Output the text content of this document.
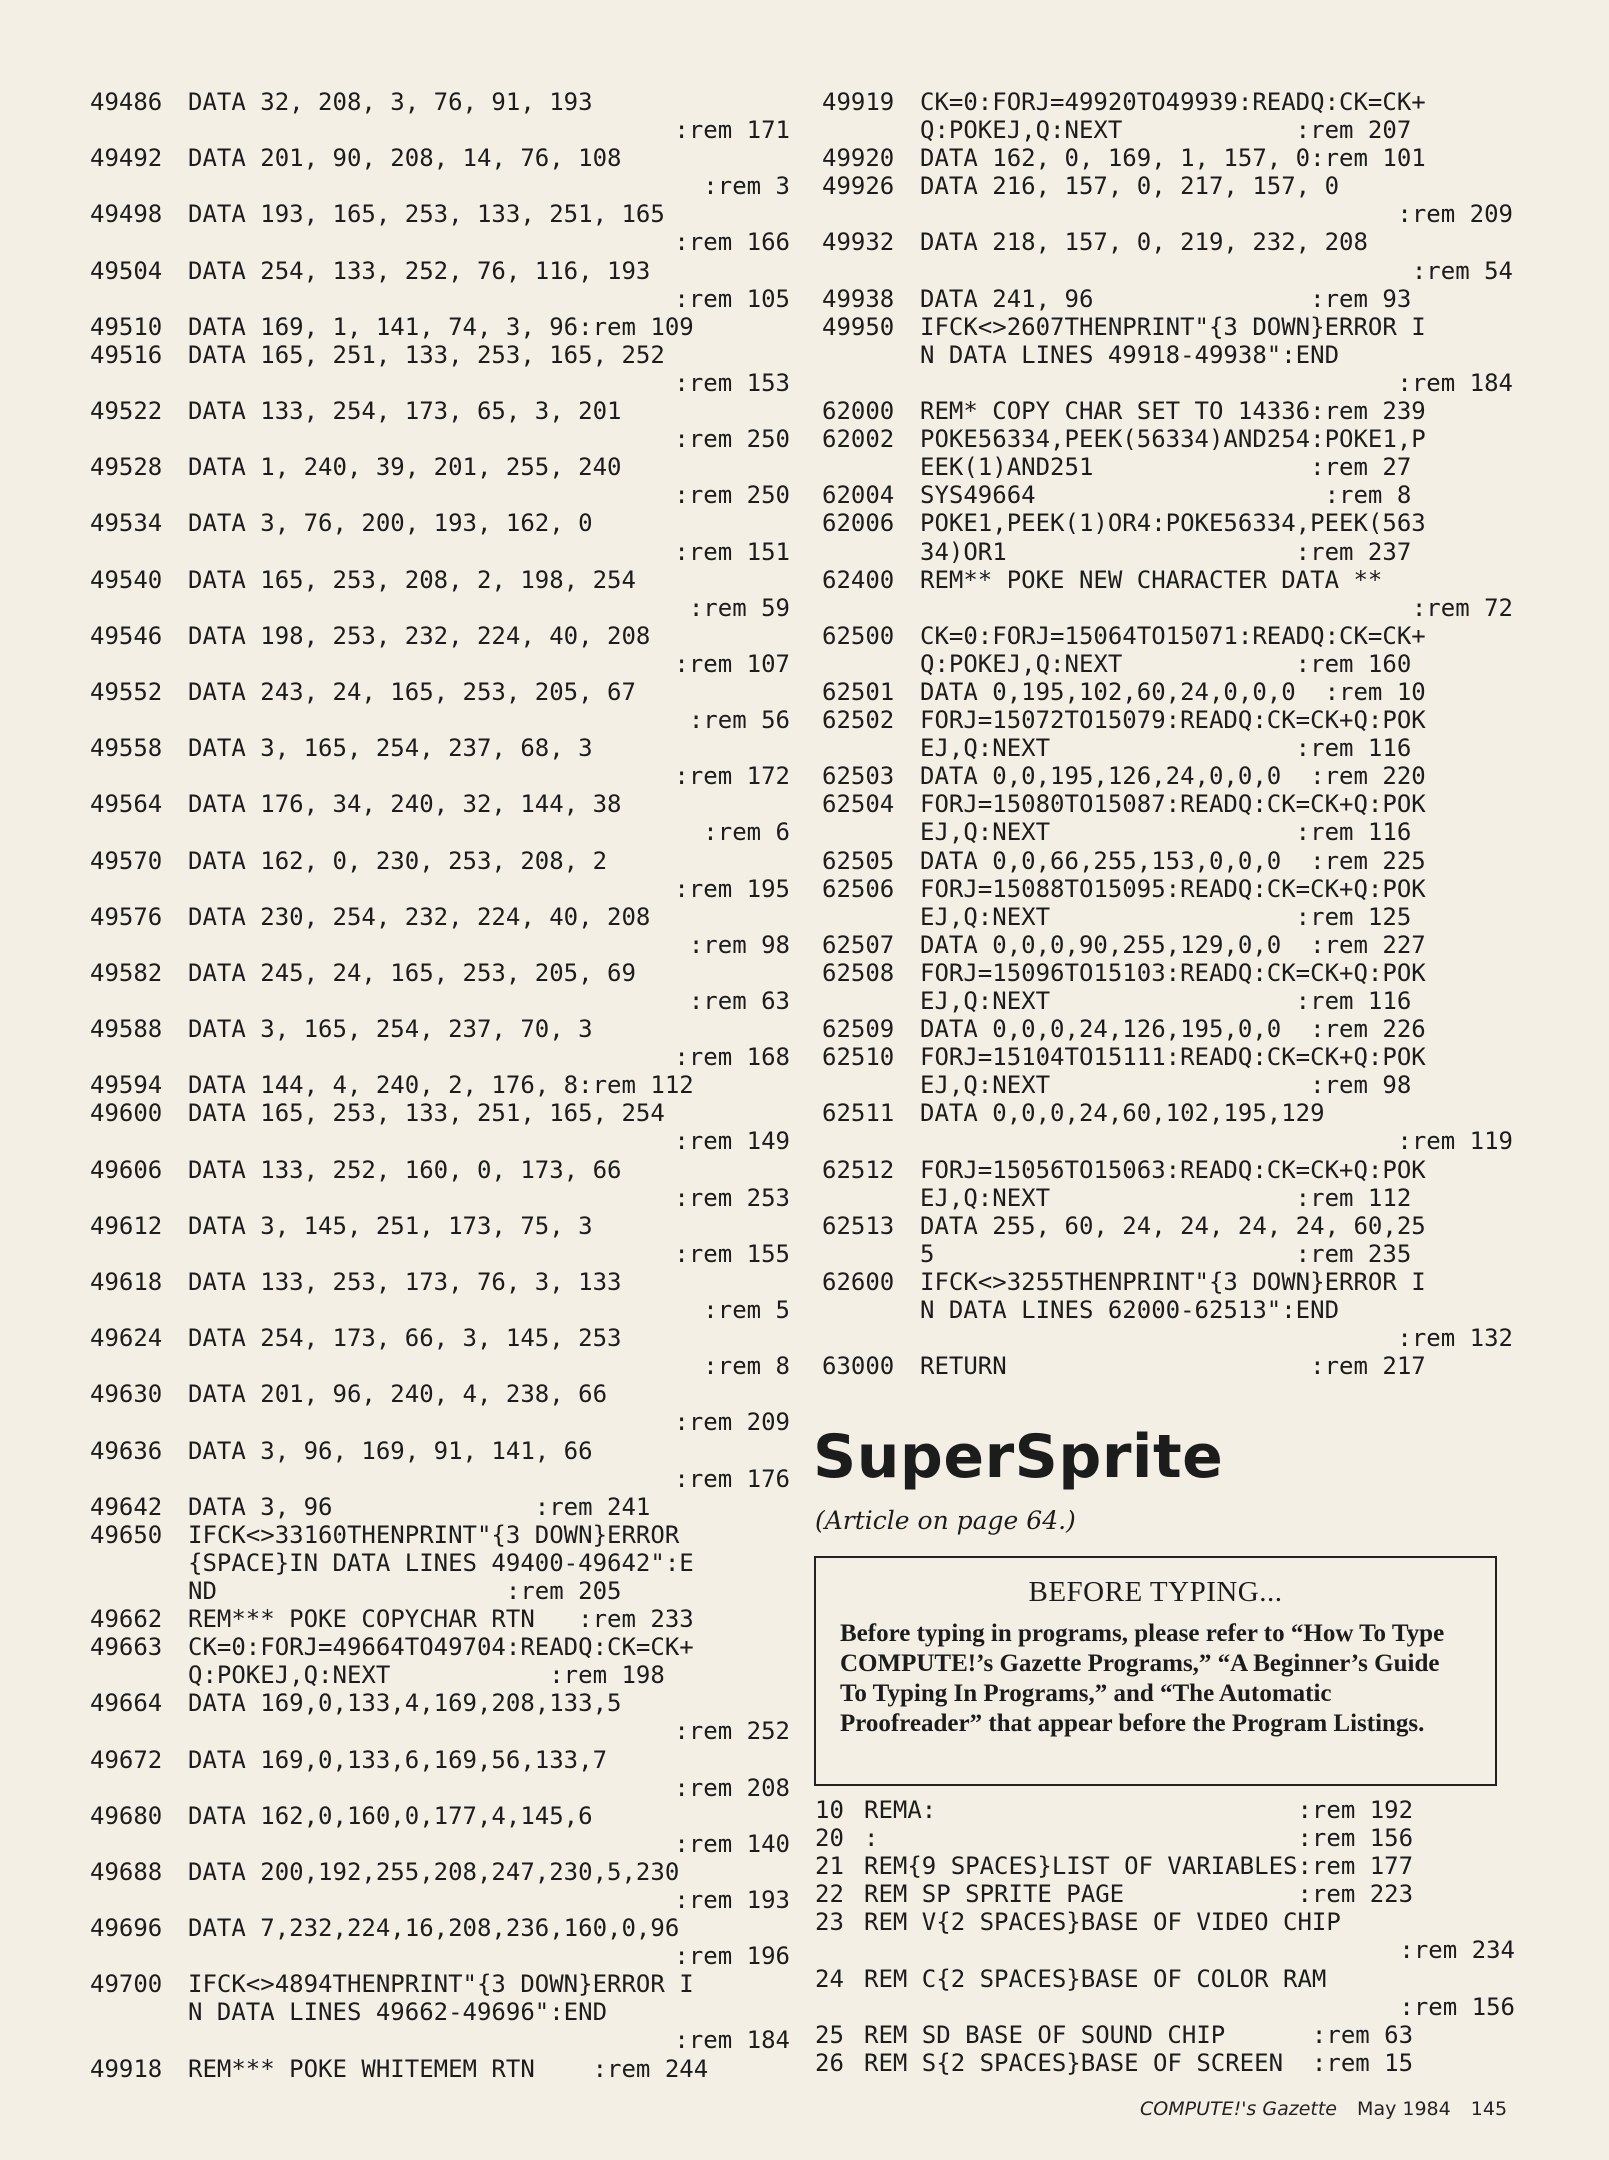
49486	DATA 32, 208, 3, 76, 91, 193
:rem 171
49492	DATA 201, 90, 208, 14, 76, 108
:rem 3
49498	DATA 193, 165, 253, 133, 251, 165
:rem 166
49504	DATA 254, 133, 252, 76, 116, 193
:rem 105
49510	DATA 169, 1, 141, 74, 3, 96:rem 109
49516	DATA 165, 251, 133, 253, 165, 252
:rem 153
49522	DATA 133, 254, 173, 65, 3, 201
:rem 250
49528	DATA 1, 240, 39, 201, 255, 240
:rem 250
49534	DATA 3, 76, 200, 193, 162, 0
:rem 151
49540	DATA 165, 253, 208, 2, 198, 254
:rem 59
49546	DATA 198, 253, 232, 224, 40, 208
:rem 107
49552	DATA 243, 24, 165, 253, 205, 67
:rem 56
49558	DATA 3, 165, 254, 237, 68, 3
:rem 172
49564	DATA 176, 34, 240, 32, 144, 38
:rem 6
49570	DATA 162, 0, 230, 253, 208, 2
:rem 195
49576	DATA 230, 254, 232, 224, 40, 208
:rem 98
49582	DATA 245, 24, 165, 253, 205, 69
:rem 63
49588	DATA 3, 165, 254, 237, 70, 3
:rem 168
49594	DATA 144, 4, 240, 2, 176, 8:rem 112
49600	DATA 165, 253, 133, 251, 165, 254
:rem 149
49606	DATA 133, 252, 160, 0, 173, 66
:rem 253
49612	DATA 3, 145, 251, 173, 75, 3
:rem 155
49618	DATA 133, 253, 173, 76, 3, 133
:rem 5
49624	DATA 254, 173, 66, 3, 145, 253
:rem 8
49630	DATA 201, 96, 240, 4, 238, 66
:rem 209
49636	DATA 3, 96, 169, 91, 141, 66
:rem 176
49642	DATA 3, 96              :rem 241
49650	IFCK<>33160THENPRINT"{3 DOWN}ERROR
{SPACE}IN DATA LINES 49400-49642":E
ND                    :rem 205
49662	REM*** POKE COPYCHAR RTN   :rem 233
49663	CK=0:FORJ=49664TO49704:READQ:CK=CK+
Q:POKEJ,Q:NEXT           :rem 198
49664	DATA 169,0,133,4,169,208,133,5
:rem 252
49672	DATA 169,0,133,6,169,56,133,7
:rem 208
49680	DATA 162,0,160,0,177,4,145,6
:rem 140
49688	DATA 200,192,255,208,247,230,5,230
:rem 193
49696	DATA 7,232,224,16,208,236,160,0,96
:rem 196
49700	IFCK<>4894THENPRINT"{3 DOWN}ERROR I
N DATA LINES 49662-49696":END
:rem 184
49918	REM*** POKE WHITEMEM RTN    :rem 244
49919	CK=0:FORJ=49920TO49939:READQ:CK=CK+
Q:POKEJ,Q:NEXT            :rem 207
49920	DATA 162, 0, 169, 1, 157, 0:rem 101
49926	DATA 216, 157, 0, 217, 157, 0
:rem 209
49932	DATA 218, 157, 0, 219, 232, 208
:rem 54
49938	DATA 241, 96               :rem 93
49950	IFCK<>2607THENPRINT"{3 DOWN}ERROR I
N DATA LINES 49918-49938":END
:rem 184
62000	REM* COPY CHAR SET TO 14336:rem 239
62002	POKE56334,PEEK(56334)AND254:POKE1,P
EEK(1)AND251               :rem 27
62004	SYS49664                    :rem 8
62006	POKE1,PEEK(1)OR4:POKE56334,PEEK(563
34)OR1                    :rem 237
62400	REM** POKE NEW CHARACTER DATA **
:rem 72
62500	CK=0:FORJ=15064TO15071:READQ:CK=CK+
Q:POKEJ,Q:NEXT            :rem 160
62501	DATA 0,195,102,60,24,0,0,0  :rem 10
62502	FORJ=15072TO15079:READQ:CK=CK+Q:POK
EJ,Q:NEXT                 :rem 116
62503	DATA 0,0,195,126,24,0,0,0  :rem 220
62504	FORJ=15080TO15087:READQ:CK=CK+Q:POK
EJ,Q:NEXT                 :rem 116
62505	DATA 0,0,66,255,153,0,0,0  :rem 225
62506	FORJ=15088TO15095:READQ:CK=CK+Q:POK
EJ,Q:NEXT                 :rem 125
62507	DATA 0,0,0,90,255,129,0,0  :rem 227
62508	FORJ=15096TO15103:READQ:CK=CK+Q:POK
EJ,Q:NEXT                 :rem 116
62509	DATA 0,0,0,24,126,195,0,0  :rem 226
62510	FORJ=15104TO15111:READQ:CK=CK+Q:POK
EJ,Q:NEXT                  :rem 98
62511	DATA 0,0,0,24,60,102,195,129
:rem 119
62512	FORJ=15056TO15063:READQ:CK=CK+Q:POK
EJ,Q:NEXT                 :rem 112
62513	DATA 255, 60, 24, 24, 24, 24, 60,25
5                         :rem 235
62600	IFCK<>3255THENPRINT"{3 DOWN}ERROR I
N DATA LINES 62000-62513":END
:rem 132
63000	RETURN                     :rem 217
SuperSprite
(Article on page 64.)
BEFORE TYPING...
Before typing in programs, please refer to “How To Type COMPUTE!’s Gazette Programs,” “A Beginner’s Guide To Typing In Programs,” and “The Automatic Proofreader” that appear before the Program Listings.
10 REMA:                         :rem 192
20 :                             :rem 156
21 REM{9 SPACES}LIST OF VARIABLES:rem 177
22 REM SP SPRITE PAGE            :rem 223
23 REM V{2 SPACES}BASE OF VIDEO CHIP
:rem 234
24 REM C{2 SPACES}BASE OF COLOR RAM
:rem 156
25 REM SD BASE OF SOUND CHIP      :rem 63
26 REM S{2 SPACES}BASE OF SCREEN  :rem 15
COMPUTE!'s Gazette May 1984 145
